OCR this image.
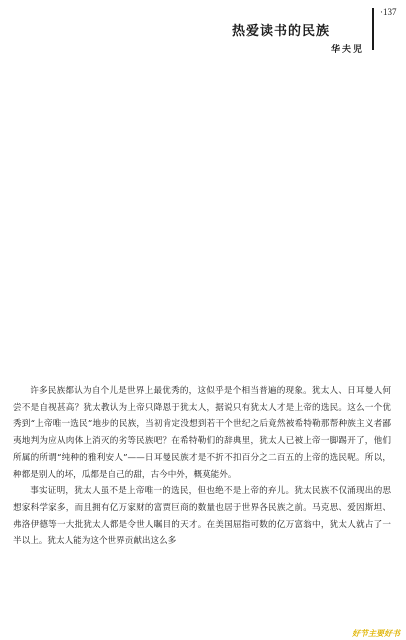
·137
热爱读书的民族
华夫児

许多民族都认为自个儿是世界上最优秀的，这似乎是个相当普遍的现象。犹太人、日耳曼人何尝不是自视甚高？犹太教认为上帝只降恩于犹太人，据说只有犹太人才是上帝的选民。这么一个优秀到“上帝唯一选民”地步的民族，当初肯定没想到若干个世纪之后竟然被希特勒那帮种族主义者鄙夷地判为应从肉体上消灭的劣等民族吧？在希特勒们的辞典里，犹太人已被上帝一脚踢开了，他们所属的所谓“纯种的雅利安人”——日耳曼民族才是不折不扣百分之二百五的上帝的选民呢。所以，种都是别人的坏，瓜都是自己的甜，古今中外，概莫能外。

事实证明，犹太人虽不是上帝唯一的选民，但也绝不是上帝的弃儿。犹太民族不仅涌现出的思想家科学家多，而且拥有亿万家财的富贾巨商的数量也居于世界各民族之前。马克思、爱因斯坦、弗洛伊德等一大批犹太人都是令世人瞩目的天才。在美国屈指可数的亿万富翁中，犹太人就占了一半以上。犹太人能为这个世界贡献出这么多

好节主要好书
